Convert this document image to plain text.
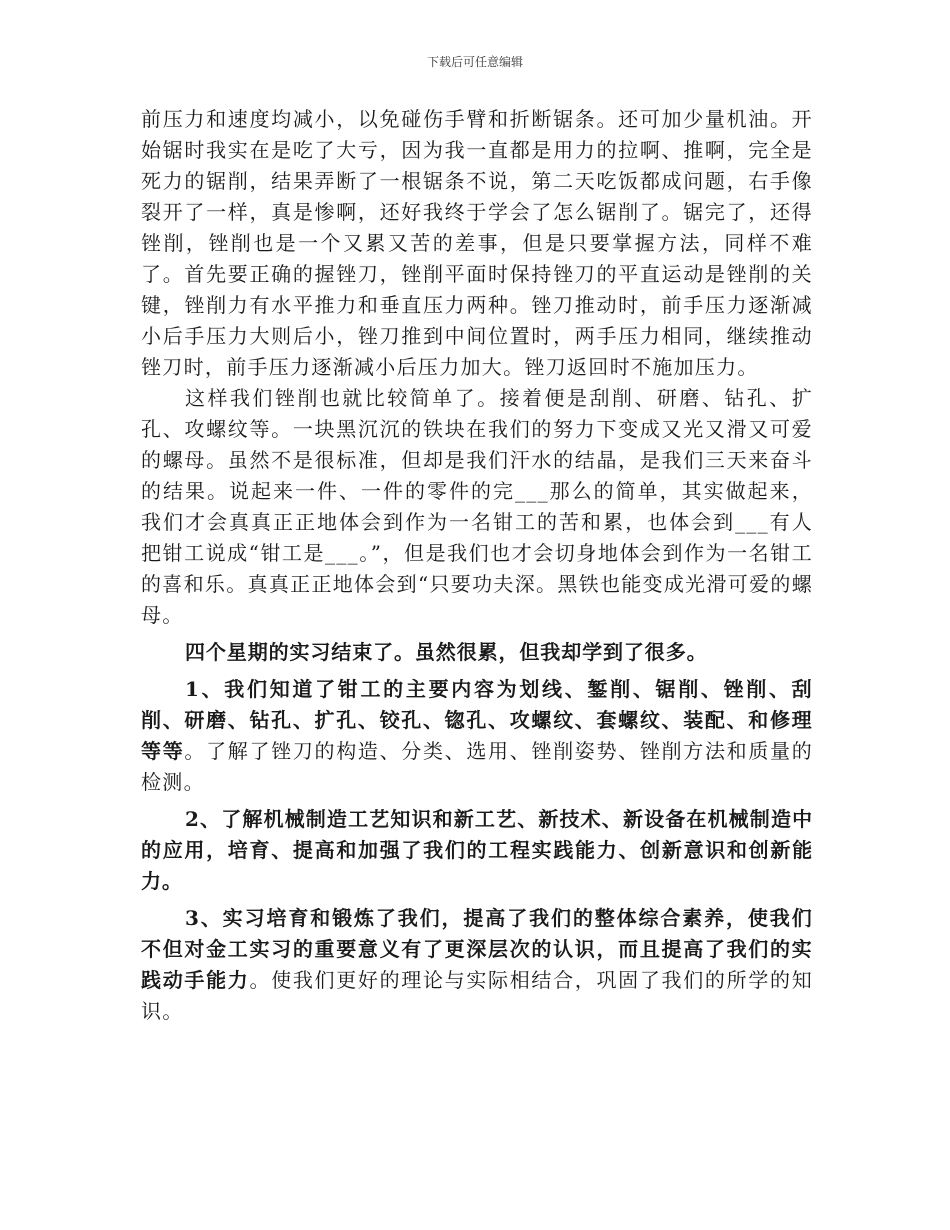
下载后可任意编辑

前压力和速度均减小，以免碰伤手臂和折断锯条。还可加少量机油。开始锯时我实在是吃了大亏，因为我一直都是用力的拉啊、推啊，完全是死力的锯削，结果弄断了一根锯条不说，第二天吃饭都成问题，右手像裂开了一样，真是惨啊，还好我终于学会了怎么锯削了。锯完了，还得锉削，锉削也是一个又累又苦的差事，但是只要掌握方法，同样不难了。首先要正确的握锉刀，锉削平面时保持锉刀的平直运动是锉削的关键，锉削力有水平推力和垂直压力两种。锉刀推动时，前手压力逐渐减小后手压力大则后小，锉刀推到中间位置时，两手压力相同，继续推动锉刀时，前手压力逐渐减小后压力加大。锉刀返回时不施加压力。

这样我们锉削也就比较简单了。接着便是刮削、研磨、钻孔、扩孔、攻螺纹等。一块黑沉沉的铁块在我们的努力下变成又光又滑又可爱的螺母。虽然不是很标准，但却是我们汗水的结晶，是我们三天来奋斗的结果。说起来一件、一件的零件的完___那么的简单，其实做起来，我们才会真真正正地体会到作为一名钳工的苦和累，也体会到___有人把钳工说成“钳工是___。”，但是我们也才会切身地体会到作为一名钳工的喜和乐。真真正正地体会到“只要功夫深。黑铁也能变成光滑可爱的螺母。

四个星期的实习结束了。虽然很累，但我却学到了很多。

1、我们知道了钳工的主要内容为划线、錾削、锯削、锉削、刮削、研磨、钻孔、扩孔、铰孔、锪孔、攻螺纹、套螺纹、装配、和修理等等。了解了锉刀的构造、分类、选用、锉削姿势、锉削方法和质量的检测。

2、了解机械制造工艺知识和新工艺、新技术、新设备在机械制造中的应用，培育、提高和加强了我们的工程实践能力、创新意识和创新能力。

3、实习培育和锻炼了我们，提高了我们的整体综合素养，使我们不但对金工实习的重要意义有了更深层次的认识，而且提高了我们的实践动手能力。使我们更好的理论与实际相结合，巩固了我们的所学的知识。
